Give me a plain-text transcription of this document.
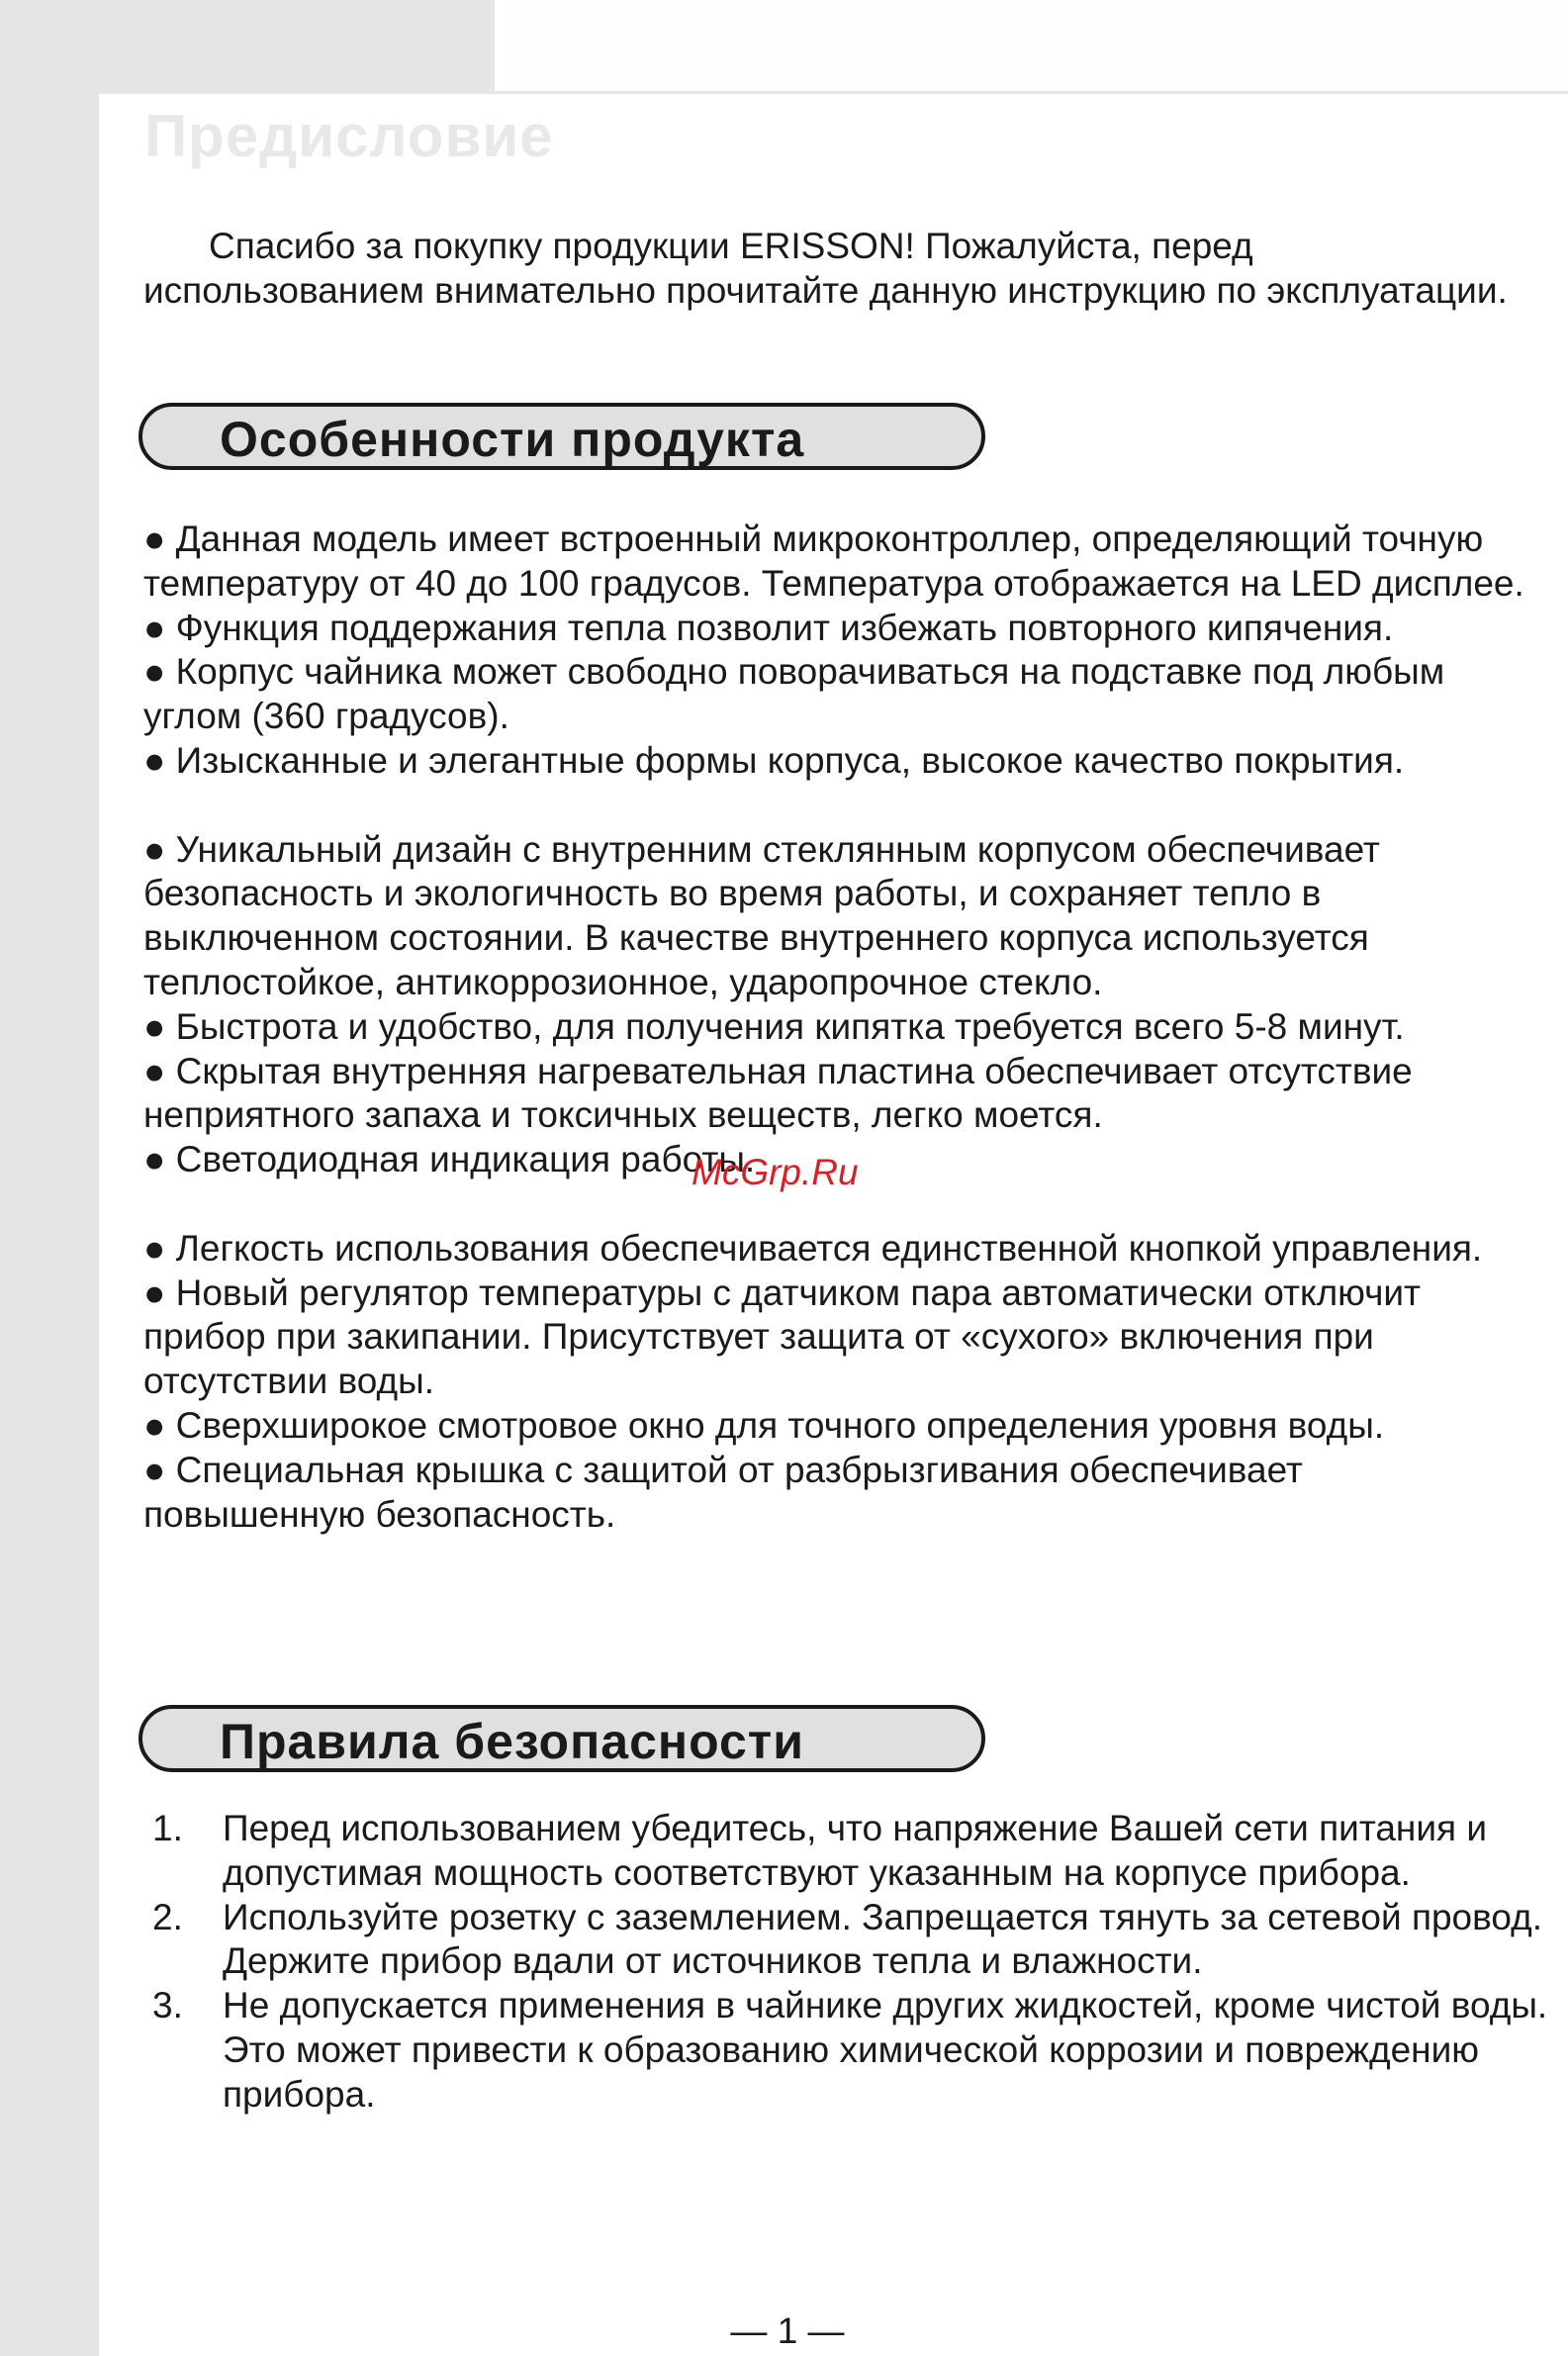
Предисловие

Спасибо за покупку продукции ERISSON! Пожалуйста, перед использованием внимательно прочитайте данную инструкцию по эксплуатации.

Особенности продукта

● Данная модель имеет встроенный микроконтроллер, определяющий точную температуру от 40 до 100 градусов. Температура отображается на LED дисплее.

● Функция поддержания тепла позволит избежать повторного кипячения.

● Корпус чайника может свободно поворачиваться на подставке под любым углом (360 градусов).

● Изысканные и элегантные формы корпуса, высокое качество покрытия.

● Уникальный дизайн с внутренним стеклянным корпусом обеспечивает безопасность и экологичность во время работы, и сохраняет тепло в выключенном состоянии. В качестве внутреннего корпуса используется теплостойкое, антикоррозионное, ударопрочное стекло.

● Быстрота и удобство, для получения кипятка требуется всего 5-8 минут.

● Скрытая внутренняя нагревательная пластина обеспечивает отсутствие неприятного запаха и токсичных веществ, легко моется.

● Светодиодная индикация работы.

● Легкость использования обеспечивается единственной кнопкой управления.

● Новый регулятор температуры с датчиком пара автоматически отключит прибор при закипании. Присутствует защита от «сухого» включения при отсутствии воды.

● Сверхширокое смотровое окно для точного определения уровня воды.

● Специальная крышка с защитой от разбрызгивания обеспечивает повышенную безопасность.

McGrp.Ru

Правила безопасности
1. Перед использованием убедитесь, что напряжение Вашей сети питания и допустимая мощность соответствуют указанным на корпусе прибора.
2. Используйте розетку с заземлением. Запрещается тянуть за сетевой провод. Держите прибор вдали от источников тепла и влажности.
3. Не допускается применения в чайнике других жидкостей, кроме чистой воды. Это может привести к образованию химической коррозии и повреждению прибора.

— 1 —
